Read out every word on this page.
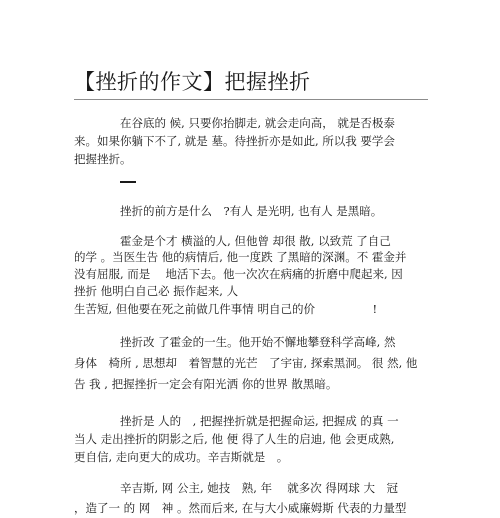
【挫折的作文】把握挫折
在谷底的 候, 只要你抬脚走, 就会走向高， 就是否极泰
来。如果你躺下不了, 就是 墓。待挫折亦是如此, 所以我 要学会
把握挫折。
挫折的前方是什么　?有人 是光明, 也有人 是黑暗。
霍金是个才 横溢的人, 但他曾 却很 散, 以致荒 了自己
的学 。当医生告 他的病情后, 他一度跌 了黑暗的深渊。不 霍金并
没有屈服, 而是　 地活下去。他一次次在病痛的折磨中爬起来, 因
挫折 他明白自己必 振作起来, 人
生苦短, 但他要在死之前做几件事情 明自己的价　　　　　!
挫折改 了霍金的一生。他开始不懈地攀登科学高峰, 然
身体　椅所 , 思想却　着智慧的光芒　了宇宙, 探索黑洞。 很 然, 他
告 我 , 把握挫折一定会有阳光洒 你的世界 散黑暗。
挫折是 人的　, 把握挫折就是把握命运, 把握成 的真 一
当人 走出挫折的阴影之后, 他 便 得了人生的启迪, 他 会更成熟,
更自信, 走向更大的成功。辛吉斯就是　。
辛吉斯, 网 公主, 她技　熟, 年　 就多次 得网球 大　冠
，造了一 的 网　神 。然而后来, 在与大小威廉姆斯 代表的力量型
